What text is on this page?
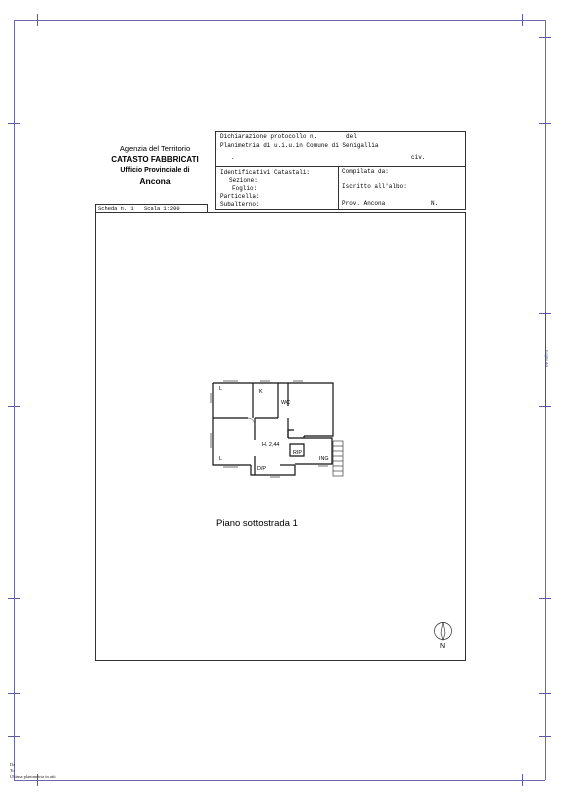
Foglio A4
Agenzia del Territorio
CATASTO FABBRICATI
Ufficio Provinciale di
Ancona
Dichiarazione protocollo n.	del
Planimetria di u.i.u.in Comune di Senigallia
.	civ.
Identificativi Catastali:
Sezione:
Foglio:
Particella:
Subalterno:
Compilata da:
Iscritto all'albo:
Prov. Ancona	N.
Scheda n. 1 Scala 1:200
L	K
WC
H. 2,44
RIP
ING
L
D/P
Piano sottostrada 1
N
Da
To
Ultima planimetria in atti
